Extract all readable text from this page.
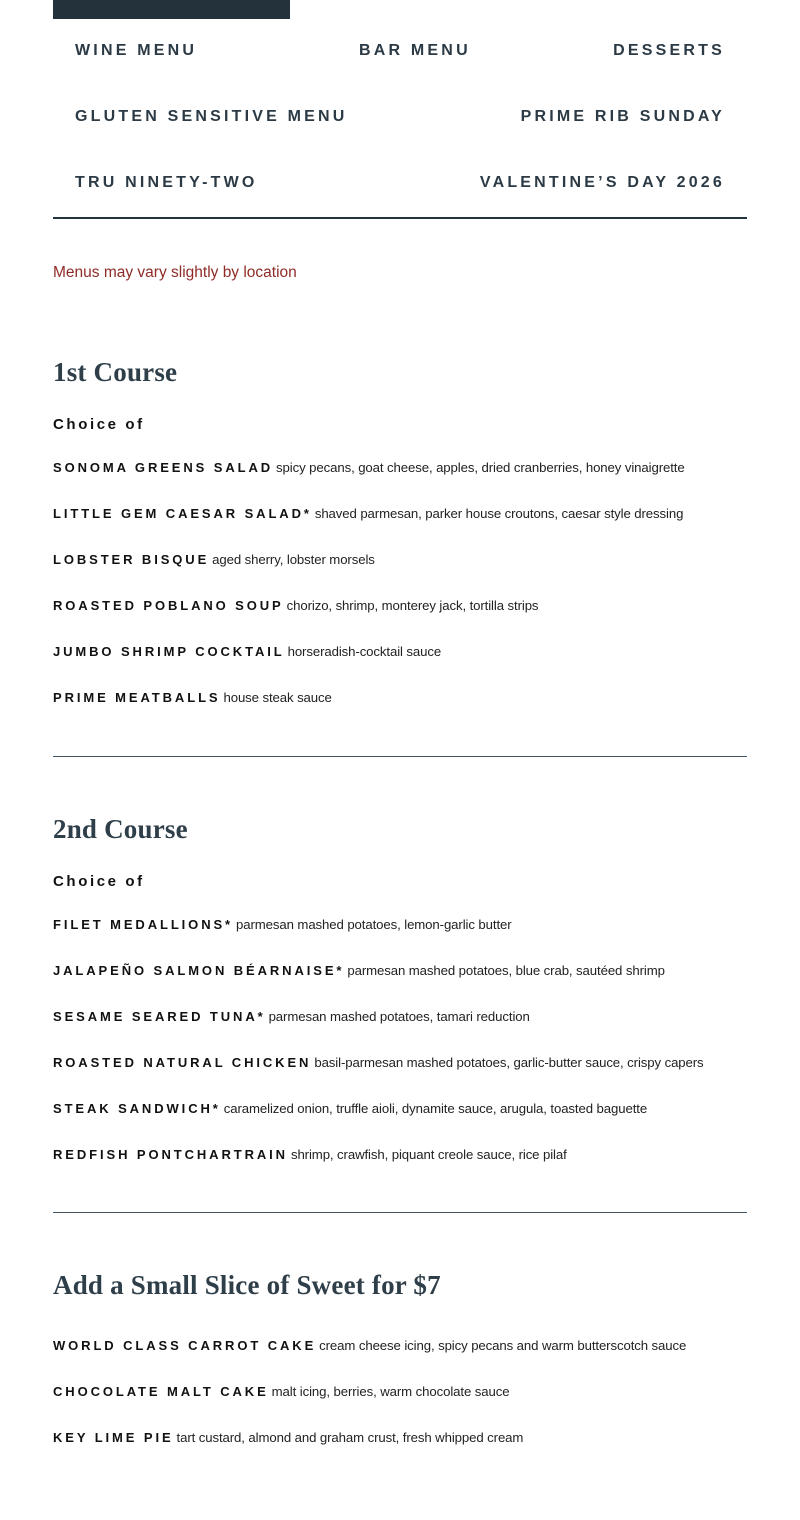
WINE MENU	BAR MENU	DESSERTS
GLUTEN SENSITIVE MENU	PRIME RIB SUNDAY
TRU NINETY-TWO	VALENTINE’S DAY 2026
Menus may vary slightly by location
1st Course
Choice of
SONOMA GREENS SALAD spicy pecans, goat cheese, apples, dried cranberries, honey vinaigrette
LITTLE GEM CAESAR SALAD* shaved parmesan, parker house croutons, caesar style dressing
LOBSTER BISQUE aged sherry, lobster morsels
ROASTED POBLANO SOUP chorizo, shrimp, monterey jack, tortilla strips
JUMBO SHRIMP COCKTAIL horseradish-cocktail sauce
PRIME MEATBALLS house steak sauce
2nd Course
Choice of
FILET MEDALLIONS* parmesan mashed potatoes, lemon-garlic butter
JALAPEÑO SALMON BÉARNAISE* parmesan mashed potatoes, blue crab, sautéed shrimp
SESAME SEARED TUNA* parmesan mashed potatoes, tamari reduction
ROASTED NATURAL CHICKEN basil-parmesan mashed potatoes, garlic-butter sauce, crispy capers
STEAK SANDWICH* caramelized onion, truffle aioli, dynamite sauce, arugula, toasted baguette
REDFISH PONTCHARTRAIN shrimp, crawfish, piquant creole sauce, rice pilaf
Add a Small Slice of Sweet for $7
WORLD CLASS CARROT CAKE cream cheese icing, spicy pecans and warm butterscotch sauce
CHOCOLATE MALT CAKE malt icing, berries, warm chocolate sauce
KEY LIME PIE tart custard, almond and graham crust, fresh whipped cream
